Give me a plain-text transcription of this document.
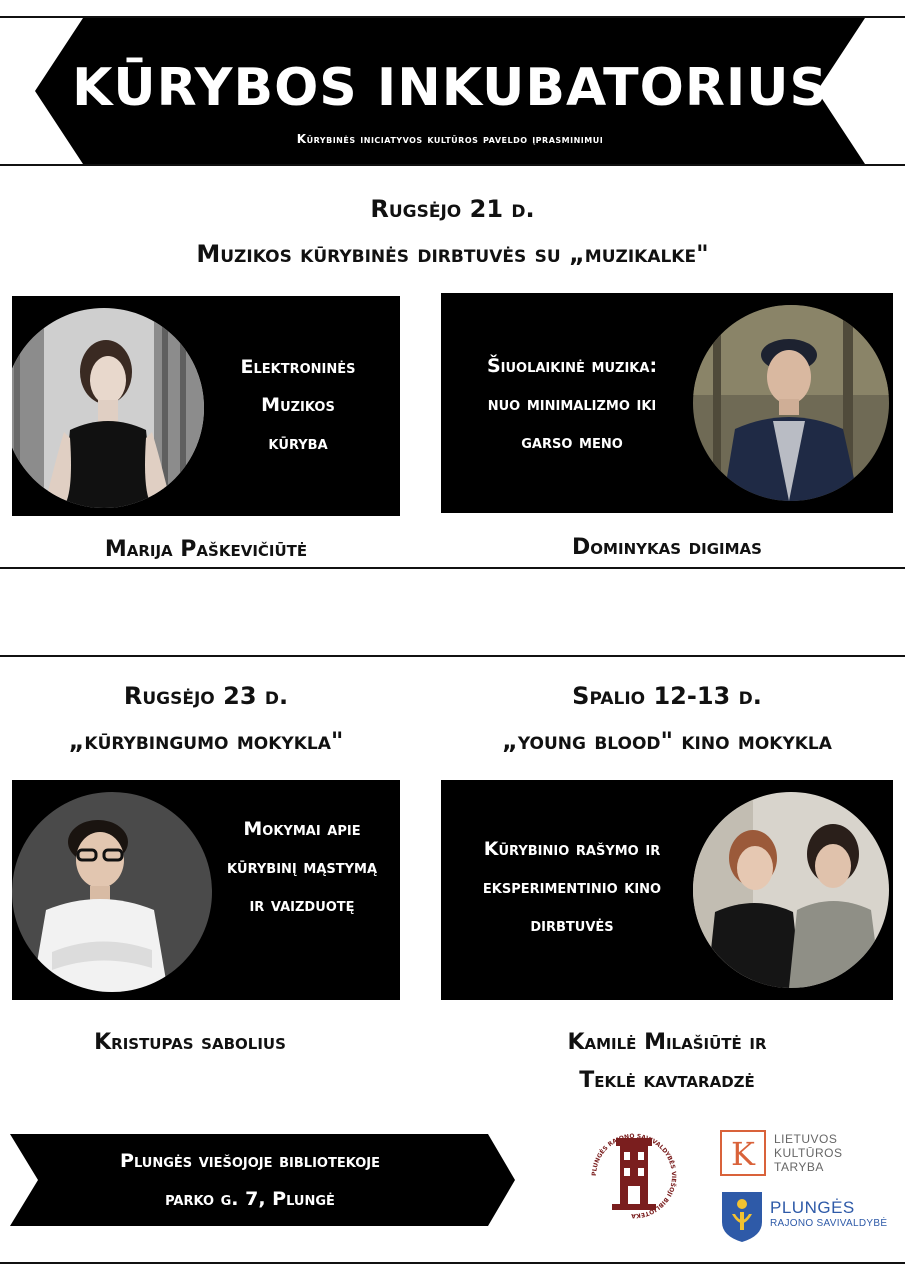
KŪRYBOS INKUBATORIUS
Kūrybinės iniciatyvos kultūros paveldo įprasminimui
Rugsėjo 21 d.
Muzikos kūrybinės dirbtuvės su „muzikalke"
Elektroninės
Muzikos
kūryba
Šiuolaikinė muzika:
nuo minimalizmo iki
garso meno
Marija Paškevičiūtė	Dominykas digimas
Rugsėjo 23 d.
„kūrybingumo mokykla"
Spalio 12-13 d.
„young blood" kino mokykla
Mokymai apie
kūrybinį mąstymą
ir vaizduotę
Kūrybinio rašymo ir
eksperimentinio kino
dirbtuvės
Kristupas sabolius	Kamilė Milašiūtė ir
Teklė kavtaradzė
Plungės viešojoje bibliotekoje
parko g. 7, Plungė
PLUNGĖS RAJONO SAVIVALDYBĖS VIEŠOJI BIBLIOTEKA
K	LIETUVOS
KULTŪROS
TARYBA
PLUNGĖS
RAJONO SAVIVALDYBĖ
